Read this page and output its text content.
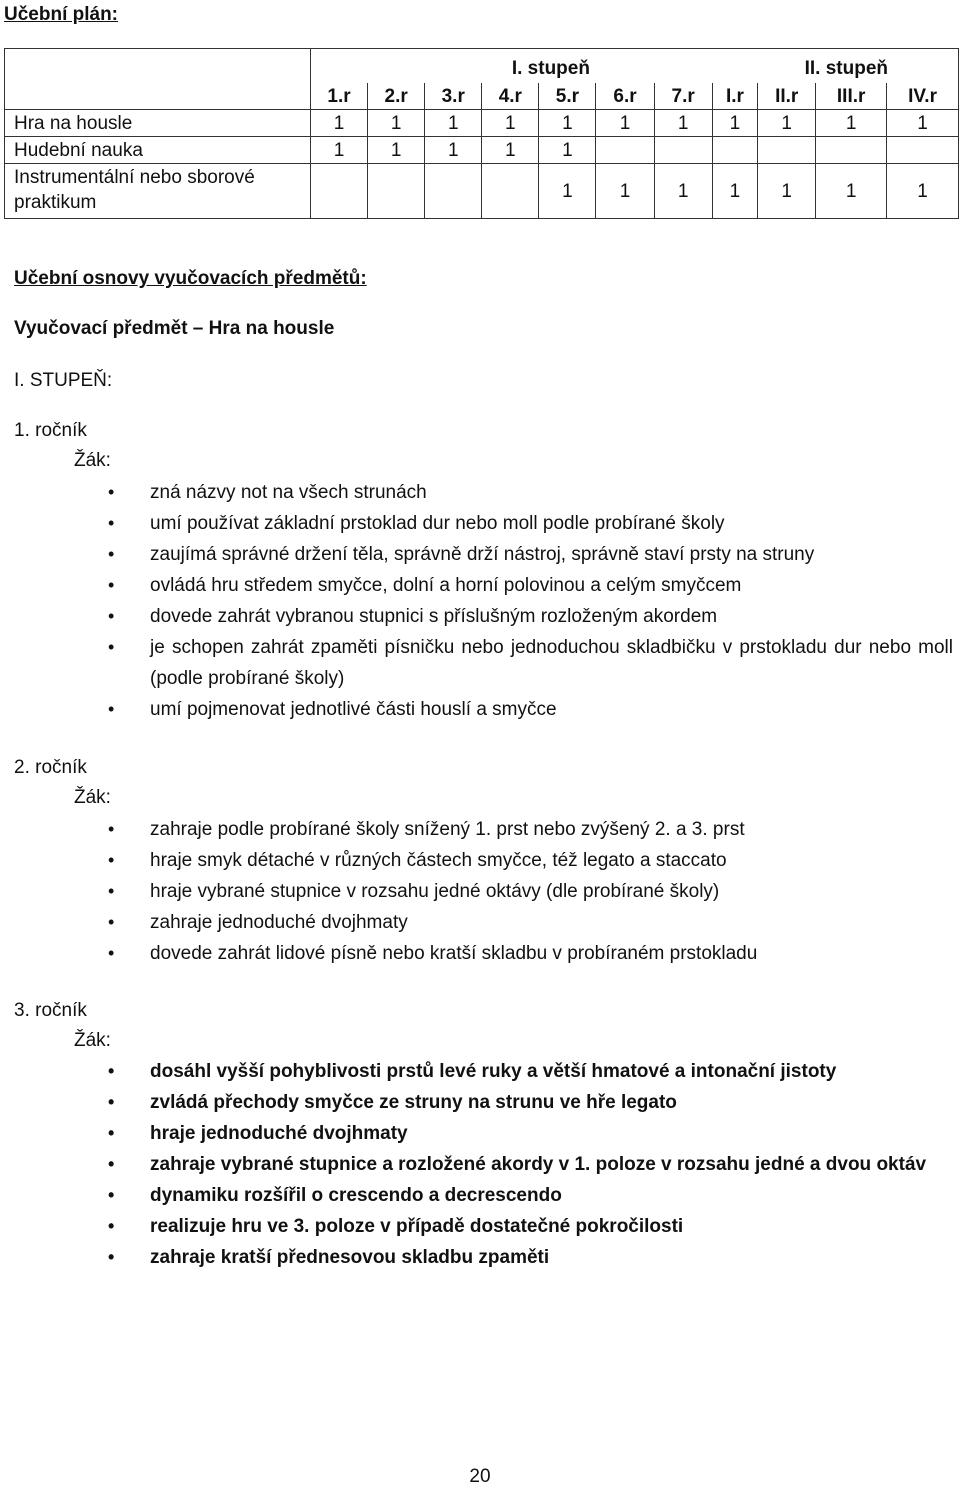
Učební plán:
	I. stupeň					II. stupeň					
	1.r	2.r	3.r	4.r	5.r	6.r	7.r	I.r	II.r	III.r	IV.r
Hra na housle	1	1	1	1	1	1	1	1	1	1	1
Hudební nauka	1	1	1	1	1						
Instrumentální nebo sborové praktikum					1	1	1	1	1	1	1
Učební osnovy vyučovacích předmětů:
Vyučovací předmět – Hra na housle
I. STUPEŇ:
1. ročník
Žák:
• zná názvy not na všech strunách
• umí používat základní prstoklad dur nebo moll podle probírané školy
• zaujímá správné držení těla, správně drží nástroj, správně staví prsty na struny
• ovládá hru středem smyčce, dolní a horní polovinou a celým smyčcem
• dovede zahrát vybranou stupnici s příslušným rozloženým akordem
• je schopen zahrát zpaměti písničku nebo jednoduchou skladbičku v prstokladu dur nebo moll (podle probírané školy)
• umí pojmenovat jednotlivé části houslí a smyčce
2. ročník
Žák:
• zahraje podle probírané školy snížený 1. prst nebo zvýšený 2. a 3. prst
• hraje smyk détaché v různých částech smyčce, též legato a staccato
• hraje vybrané stupnice v rozsahu jedné oktávy (dle probírané školy)
• zahraje jednoduché dvojhmaty
• dovede zahrát lidové písně nebo kratší skladbu v probíraném prstokladu
3. ročník
Žák:
• dosáhl vyšší pohyblivosti prstů levé ruky a větší hmatové a intonační jistoty
• zvládá přechody smyčce ze struny na strunu ve hře legato
• hraje jednoduché dvojhmaty
• zahraje vybrané stupnice a rozložené akordy v 1. poloze v rozsahu jedné a dvou oktáv
• dynamiku rozšířil o crescendo a decrescendo
• realizuje hru ve 3. poloze v případě dostatečné pokročilosti
• zahraje kratší přednesovou skladbu zpaměti
20
